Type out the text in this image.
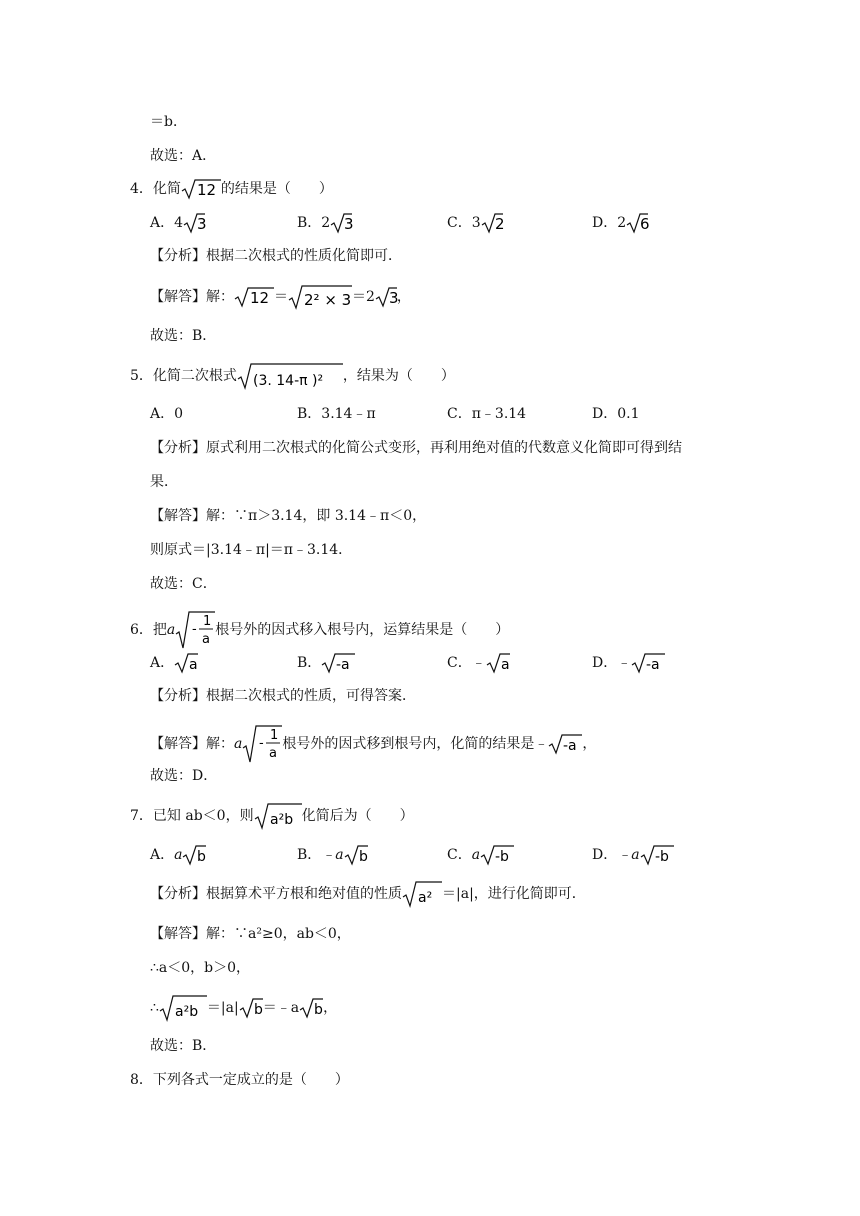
＝b．
故选：A．
4．化简 12 的结果是（　　）
A．4 3	B．2 3	C．3 2	D．2 6
【分析】根据二次根式的性质化简即可．
【解答】解： 12 ＝ 2² × 3 ＝2 3
，
故选：B．
5．化简二次根式 (3. 14-π )² ，结果为（　　）
A．0	B．3.14﹣π	C．π﹣3.14	D．0.1
【分析】原式利用二次根式的化简公式变形，再利用绝对值的代数意义化简即可得到结
果．
【解答】解：∵π＞3.14，即 3.14﹣π＜0，
则原式＝|3.14﹣π|＝π﹣3.14．
故选：C．
6．把a -
1
a
根号外的因式移入根号内，运算结果是（　　）
A． a	B． -a	C．﹣ a	D．﹣ -a
【分析】根据二次根式的性质，可得答案．
【解答】解：a -
1
a
根号外的因式移到根号内，化简的结果是﹣ -a ，
故选：D．
7．已知 ab＜0，则 a²b 化简后为（　　）
A．a b	B．﹣a b	C．a -b	D．﹣a -b
【分析】根据算术平方根和绝对值的性质 a² ＝|a|，进行化简即可．
【解答】解：∵a²≥0，ab＜0，
∴a＜0，b＞0，
∴ a²b ＝|a| b ＝﹣a b ，
故选：B．
8．下列各式一定成立的是（　　）
